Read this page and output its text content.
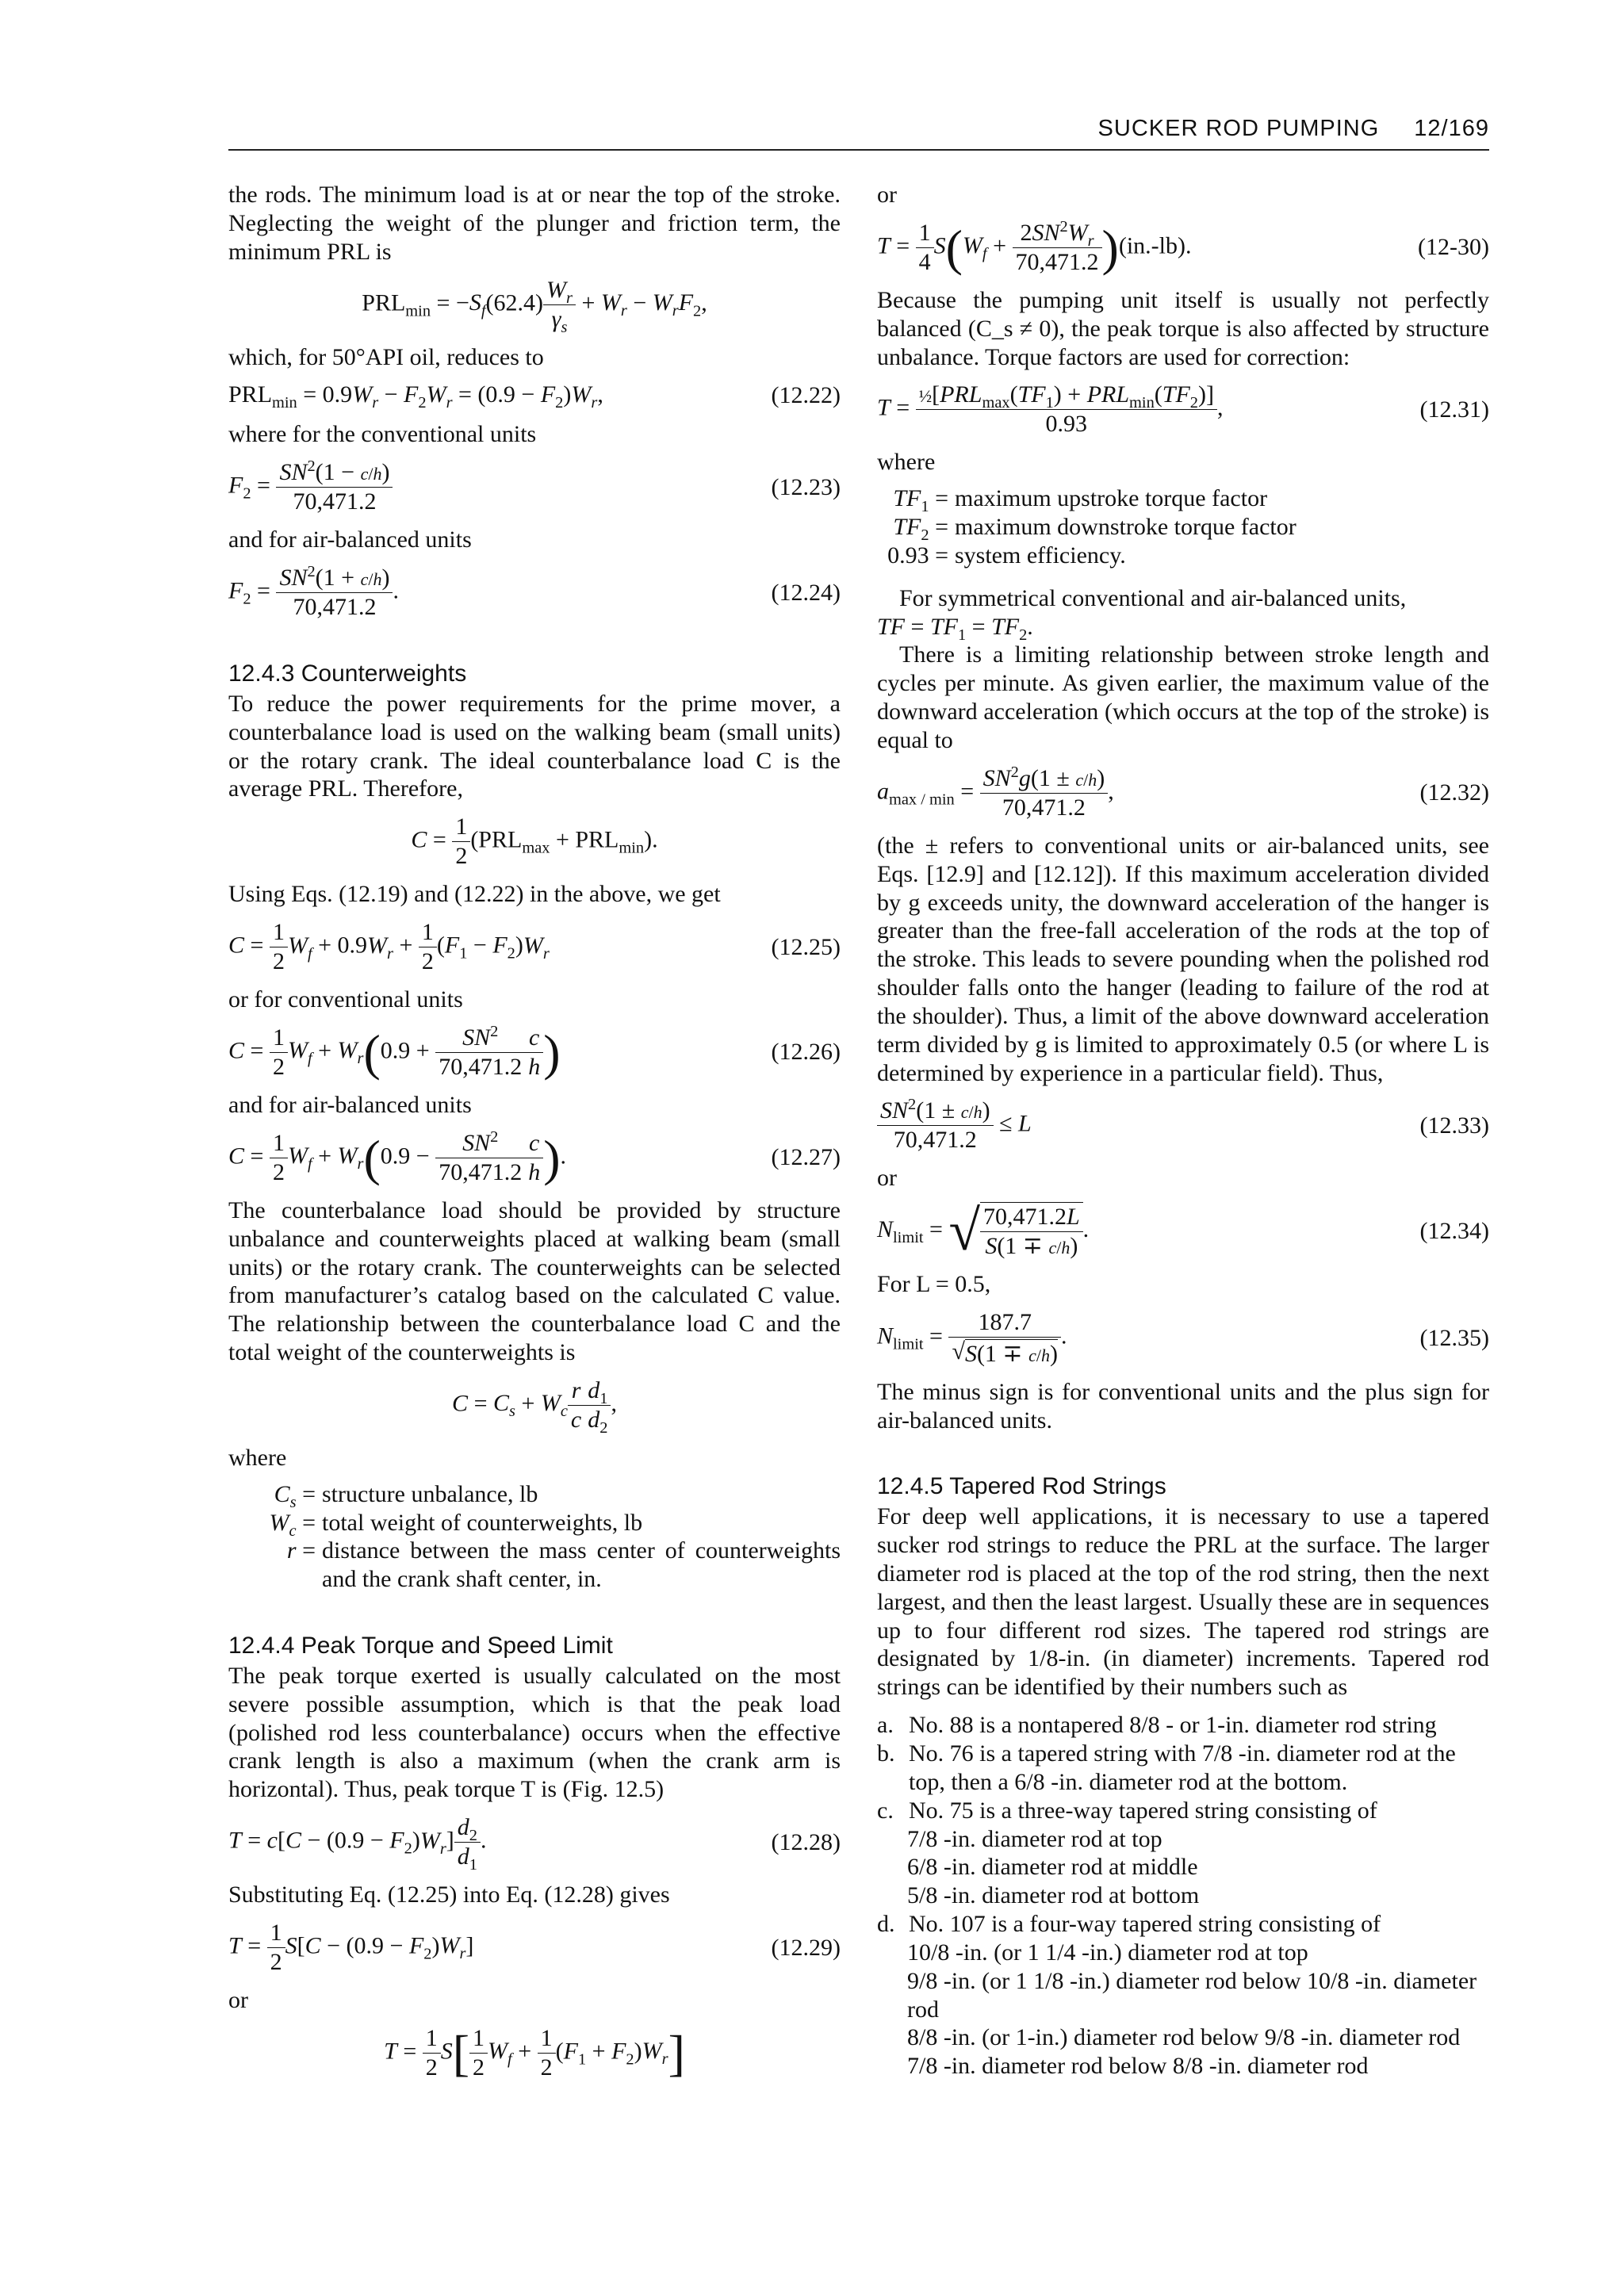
SUCKER ROD PUMPING 12/169

the rods. The minimum load is at or near the top of the stroke. Neglecting the weight of the plunger and friction term, the minimum PRL is

$PRL_{min} = -S_f(62.4) \frac{W_r}{\gamma_s} + W_r - W_rF_2$,

which, for 50°API oil, reduces to

$PRL_{min} = 0.9W_r - F_2W_r = (0.9 - F_2)W_r$,	(12.22)

where for the conventional units

$F_2 = \frac{SN^2(1 - c/h)}{70,471.2}$	(12.23)

and for air-balanced units

$F_2 = \frac{SN^2(1 + c/h)}{70,471.2}$ .	(12.24)
12.4.3 Counterweights

To reduce the power requirements for the prime mover, a counterbalance load is used on the walking beam (small units) or the rotary crank. The ideal counterbalance load C is the average PRL. Therefore,

$C = \frac{1}{2} (PRL_{max} + PRL_{min})$.

Using Eqs. (12.19) and (12.22) in the above, we get

$C = \frac{1}{2} W_f + 0.9W_r + \frac{1}{2} (F_1 - F_2)W_r$	(12.25)

or for conventional units

$C = \frac{1}{2} W_f + W_r(0.9 + \frac{SN^2}{70,471.2} \frac{c}{h}$ )	(12.26)

and for air-balanced units

$C = \frac{1}{2} W_f + W_r(0.9 - \frac{SN^2}{70,471.2} \frac{c}{h}$ ).	(12.27)

The counterbalance load should be provided by structure unbalance and counterweights placed at walking beam (small units) or the rotary crank. The counterweights can be selected from manufacturer’s catalog based on the calculated C value. The relationship between the counterbalance load C and the total weight of the counterweights is

$C = C_s + W_c \frac{r}{c} \frac{d_1}{d_2}$ ,

where

$C_s$ = structure unbalance, lb
$W_c$ = total weight of counterweights, lb
r = distance between the mass center of counterweights and the crank shaft center, in.
12.4.4 Peak Torque and Speed Limit

The peak torque exerted is usually calculated on the most severe possible assumption, which is that the peak load (polished rod less counterbalance) occurs when the effective crank length is also a maximum (when the crank arm is horizontal). Thus, peak torque T is (Fig. 12.5)

$T = c[C - (0.9 - F_2)W_r] \frac{d_2}{d_1}$ .	(12.28)

Substituting Eq. (12.25) into Eq. (12.28) gives

$T = \frac{1}{2} S[C - (0.9 - F_2)W_r]$	(12.29)

or

$T = \frac{1}{2} S[ \frac{1}{2} W_f + \frac{1}{2} (F_1 + F_2)W_r]$

or

$T = \frac{1}{4} S(W_f + \frac{2SN^2W_r}{70,471.2} )(in.-lb)$.	(12-30)

Because the pumping unit itself is usually not perfectly balanced (C_s ≠ 0), the peak torque is also affected by structure unbalance. Torque factors are used for correction:

$T = \frac{1}{2}[PRL_{max}(TF_1) + PRL_{min}(TF_2)]$
0.93
,	(12.31)

where

$TF_1$ = maximum upstroke torque factor
$TF_2$ = maximum downstroke torque factor
0.93 = system efficiency.

For symmetrical conventional and air-balanced units,
TF = $TF_1 = TF_2$.

There is a limiting relationship between stroke length and cycles per minute. As given earlier, the maximum value of the downward acceleration (which occurs at the top of the stroke) is equal to

$a_{max / min} = \frac{SN^2g(1 \pm c/h)}{70,471.2}$ ,	(12.32)

(the ± refers to conventional units or air-balanced units, see Eqs. [12.9] and [12.12]). If this maximum acceleration divided by g exceeds unity, the downward acceleration of the hanger is greater than the free-fall acceleration of the rods at the top of the stroke. This leads to severe pounding when the polished rod shoulder falls onto the hanger (leading to failure of the rod at the shoulder). Thus, a limit of the above downward acceleration term divided by g is limited to approximately 0.5 (or where L is determined by experience in a particular field). Thus,

$\frac{SN^2(1 \pm c/h)}{70,471.2} \le L$	(12.33)

or

$N_{limit}$ = √ $\frac{70,471.2L}{S(1 \mp c/h)}$ .	(12.34)

For L = 0.5,

$N_{limit} = \frac{187.7}{√S(1 \mp c/h)}$ .	(12.35)

The minus sign is for conventional units and the plus sign for air-balanced units.

12.4.5 Tapered Rod Strings

For deep well applications, it is necessary to use a tapered sucker rod strings to reduce the PRL at the surface. The larger diameter rod is placed at the top of the rod string, then the next largest, and then the least largest. Usually these are in sequences up to four different rod sizes. The tapered rod strings are designated by 1/8-in. (in diameter) increments. Tapered rod strings can be identified by their numbers such as

a. No. 88 is a nontapered 8/8 - or 1-in. diameter rod string
b. No. 76 is a tapered string with 7/8 -in. diameter rod at the top, then a 6/8 -in. diameter rod at the bottom.
c. No. 75 is a three-way tapered string consisting of
7/8 -in. diameter rod at top
6/8 -in. diameter rod at middle
5/8 -in. diameter rod at bottom
d. No. 107 is a four-way tapered string consisting of
10/8 -in. (or 1 1/4 -in.) diameter rod at top
9/8 -in. (or 1 1/8 -in.) diameter rod below 10/8 -in. diameter rod
8/8 -in. (or 1-in.) diameter rod below 9/8 -in. diameter rod
7/8 -in. diameter rod below 8/8 -in. diameter rod
